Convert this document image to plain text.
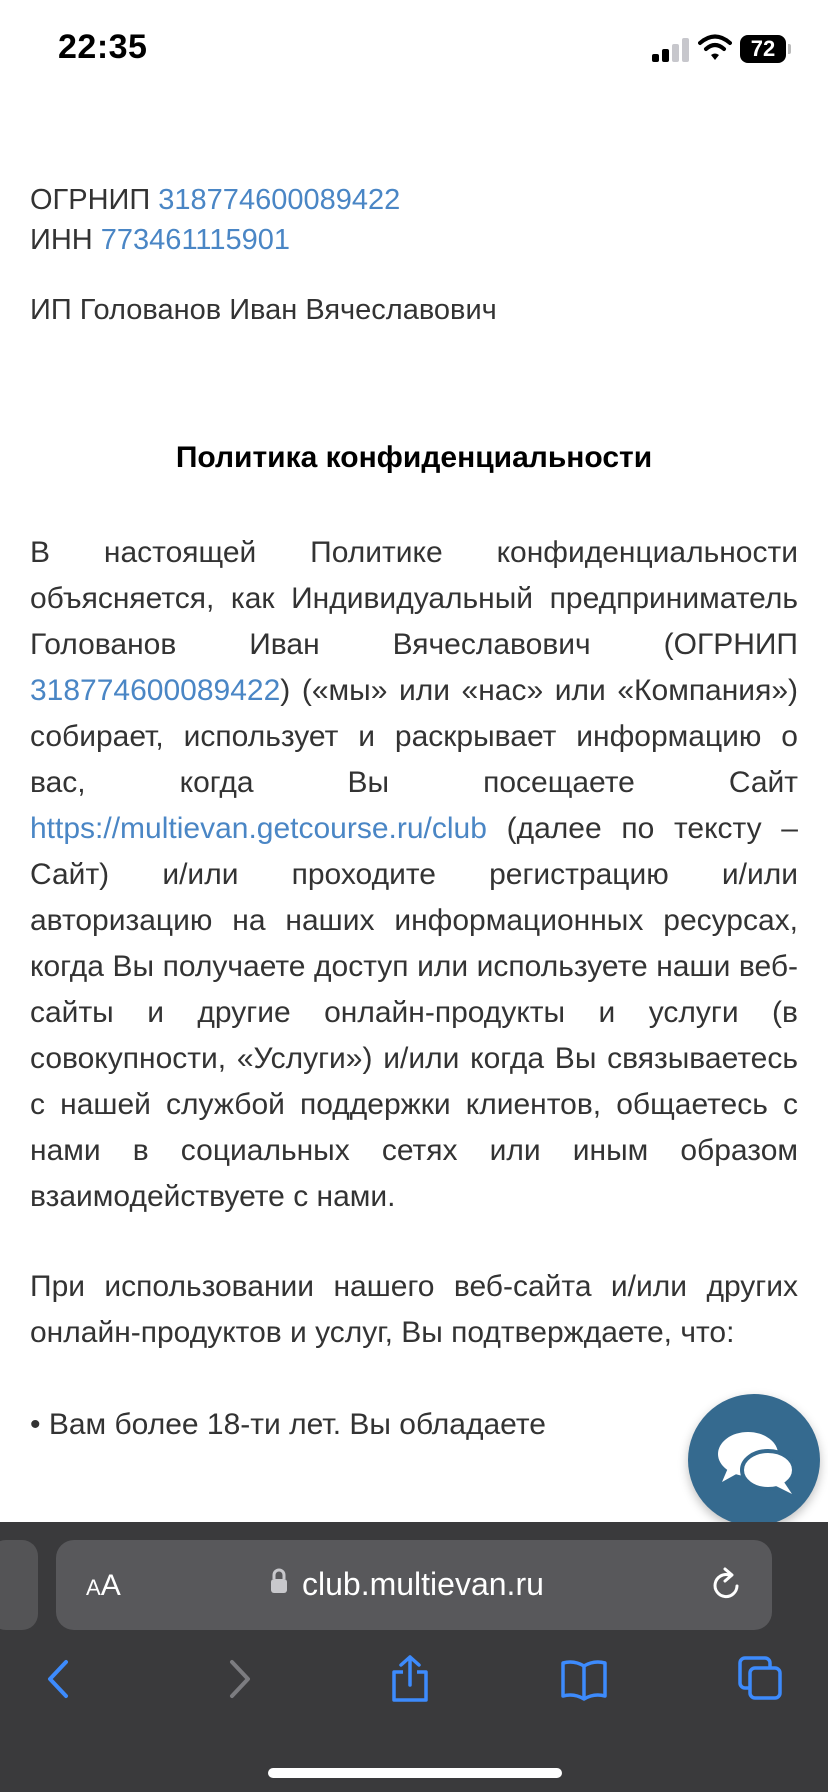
22:35	72

ОГРНИП 318774600089422

ИНН 773461115901

ИП Голованов Иван Вячеславович

Политика конфиденциальности

В настоящей Политике конфиденциальности объясняется, как Индивидуальный предприниматель Голованов Иван Вячеславович (ОГРНИП 318774600089422) («мы» или «нас» или «Компания») собирает, использует и раскрывает информацию о вас, когда Вы посещаете Сайт https://multievan.getcourse.ru/club (далее по тексту – Сайт) и/или проходите регистрацию и/или авторизацию на наших информационных ресурсах, когда Вы получаете доступ или используете наши веб-сайты и другие онлайн-продукты и услуги (в совокупности, «Услуги») и/или когда Вы связываетесь с нашей службой поддержки клиентов, общаетесь с нами в социальных сетях или иным образом взаимодействуете с нами.

При использовании нашего веб-сайта и/или других онлайн-продуктов и услуг, Вы подтверждаете, что:

• Вам более 18-ти лет. Вы обладаете

AA	club.multievan.ru
